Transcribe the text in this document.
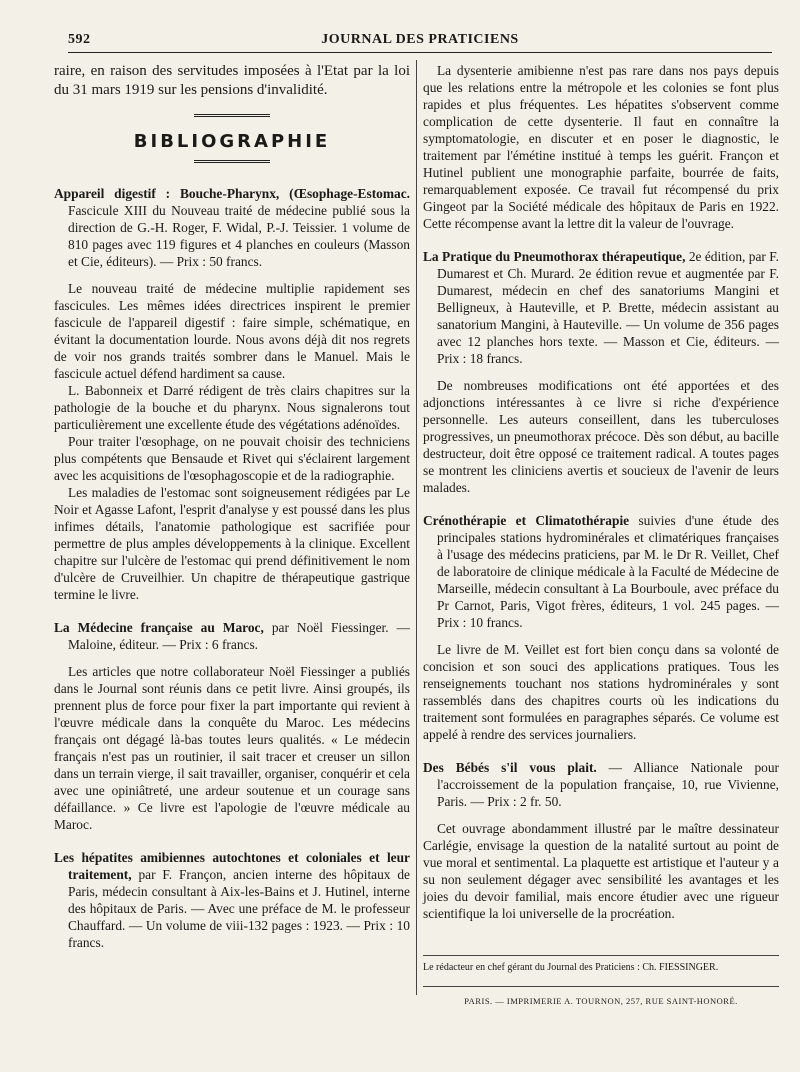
592	JOURNAL DES PRATICIENS

raire, en raison des servitudes imposées à l'Etat par la loi du 31 mars 1919 sur les pensions d'invalidité.

BIBLIOGRAPHIE

Appareil digestif : Bouche-Pharynx, (Œsophage-Estomac. Fascicule XIII du Nouveau traité de médecine publié sous la direction de G.-H. Roger, F. Widal, P.-J. Teissier. 1 volume de 810 pages avec 119 figures et 4 planches en couleurs (Masson et Cie, éditeurs). — Prix : 50 francs.

Le nouveau traité de médecine multiplie rapidement ses fascicules. Les mêmes idées directrices inspirent le premier fascicule de l'appareil digestif : faire simple, schématique, en évitant la documentation lourde. Nous avons déjà dit nos regrets de voir nos grands traités sombrer dans le Manuel. Mais le fascicule actuel défend hardiment sa cause.

L. Babonneix et Darré rédigent de très clairs chapitres sur la pathologie de la bouche et du pharynx. Nous signalerons tout particulièrement une excellente étude des végétations adénoïdes.

Pour traiter l'œsophage, on ne pouvait choisir des techniciens plus compétents que Bensaude et Rivet qui s'éclairent largement avec les acquisitions de l'œsophagoscopie et de la radiographie.

Les maladies de l'estomac sont soigneusement rédigées par Le Noir et Agasse Lafont, l'esprit d'analyse y est poussé dans les plus infimes détails, l'anatomie pathologique est sacrifiée pour permettre de plus amples développements à la clinique. Excellent chapitre sur l'ulcère de l'estomac qui prend définitivement le nom d'ulcère de Cruveilhier. Un chapitre de thérapeutique gastrique termine le livre.

La Médecine française au Maroc, par Noël Fiessinger. — Maloine, éditeur. — Prix : 6 francs.

Les articles que notre collaborateur Noël Fiessinger a publiés dans le Journal sont réunis dans ce petit livre. Ainsi groupés, ils prennent plus de force pour fixer la part importante qui revient à l'œuvre médicale dans la conquête du Maroc. Les médecins français ont dégagé là-bas toutes leurs qualités. « Le médecin français n'est pas un routinier, il sait tracer et creuser un sillon dans un terrain vierge, il sait travailler, organiser, conquérir et cela avec une opiniâtreté, une ardeur soutenue et un courage sans défaillance. » Ce livre est l'apologie de l'œuvre médicale au Maroc.

Les hépatites amibiennes autochtones et coloniales et leur traitement, par F. Françon, ancien interne des hôpitaux de Paris, médecin consultant à Aix-les-Bains et J. Hutinel, interne des hôpitaux de Paris. — Avec une préface de M. le professeur Chauffard. — Un volume de viii-132 pages : 1923. — Prix : 10 francs.

La dysenterie amibienne n'est pas rare dans nos pays depuis que les relations entre la métropole et les colonies se font plus rapides et plus fréquentes. Les hépatites s'observent comme complication de cette dysenterie. Il faut en connaître la symptomatologie, en discuter et en poser le diagnostic, le traitement par l'émétine institué à temps les guérit. Françon et Hutinel publient une monographie parfaite, bourrée de faits, remarquablement exposée. Ce travail fut récompensé du prix Gingeot par la Société médicale des hôpitaux de Paris en 1922. Cette récompense avant la lettre dit la valeur de l'ouvrage.

La Pratique du Pneumothorax thérapeutique, 2e édition, par F. Dumarest et Ch. Murard. 2e édition revue et augmentée par F. Dumarest, médecin en chef des sanatoriums Mangini et Belligneux, à Hauteville, et P. Brette, médecin assistant au sanatorium Mangini, à Hauteville. — Un volume de 356 pages avec 12 planches hors texte. — Masson et Cie, éditeurs. — Prix : 18 francs.

De nombreuses modifications ont été apportées et des adjonctions intéressantes à ce livre si riche d'expérience personnelle. Les auteurs conseillent, dans les tuberculoses progressives, un pneumothorax précoce. Dès son début, au bacille destructeur, doit être opposé ce traitement radical. A toutes pages se montrent les cliniciens avertis et soucieux de l'avenir de leurs malades.

Crénothérapie et Climatothérapie suivies d'une étude des principales stations hydrominérales et climatériques françaises à l'usage des médecins praticiens, par M. le Dr R. Veillet, Chef de laboratoire de clinique médicale à la Faculté de Médecine de Marseille, médecin consultant à La Bourboule, avec préface du Pr Carnot, Paris, Vigot frères, éditeurs, 1 vol. 245 pages. — Prix : 10 francs.

Le livre de M. Veillet est fort bien conçu dans sa volonté de concision et son souci des applications pratiques. Tous les renseignements touchant nos stations hydrominérales y sont rassemblés dans des chapitres courts où les indications du traitement sont formulées en paragraphes séparés. Ce volume est appelé à rendre des services journaliers.

Des Bébés s'il vous plait. — Alliance Nationale pour l'accroissement de la population française, 10, rue Vivienne, Paris. — Prix : 2 fr. 50.

Cet ouvrage abondamment illustré par le maître dessinateur Carlégie, envisage la question de la natalité surtout au point de vue moral et sentimental. La plaquette est artistique et l'auteur y a su non seulement dégager avec sensibilité les avantages et les joies du devoir familial, mais encore étudier avec une rigueur scientifique la loi universelle de la procréation.

Le rédacteur en chef gérant du Journal des Praticiens : Ch. FIESSINGER.
PARIS. — IMPRIMERIE A. TOURNON, 257, RUE SAINT-HONORÉ.
